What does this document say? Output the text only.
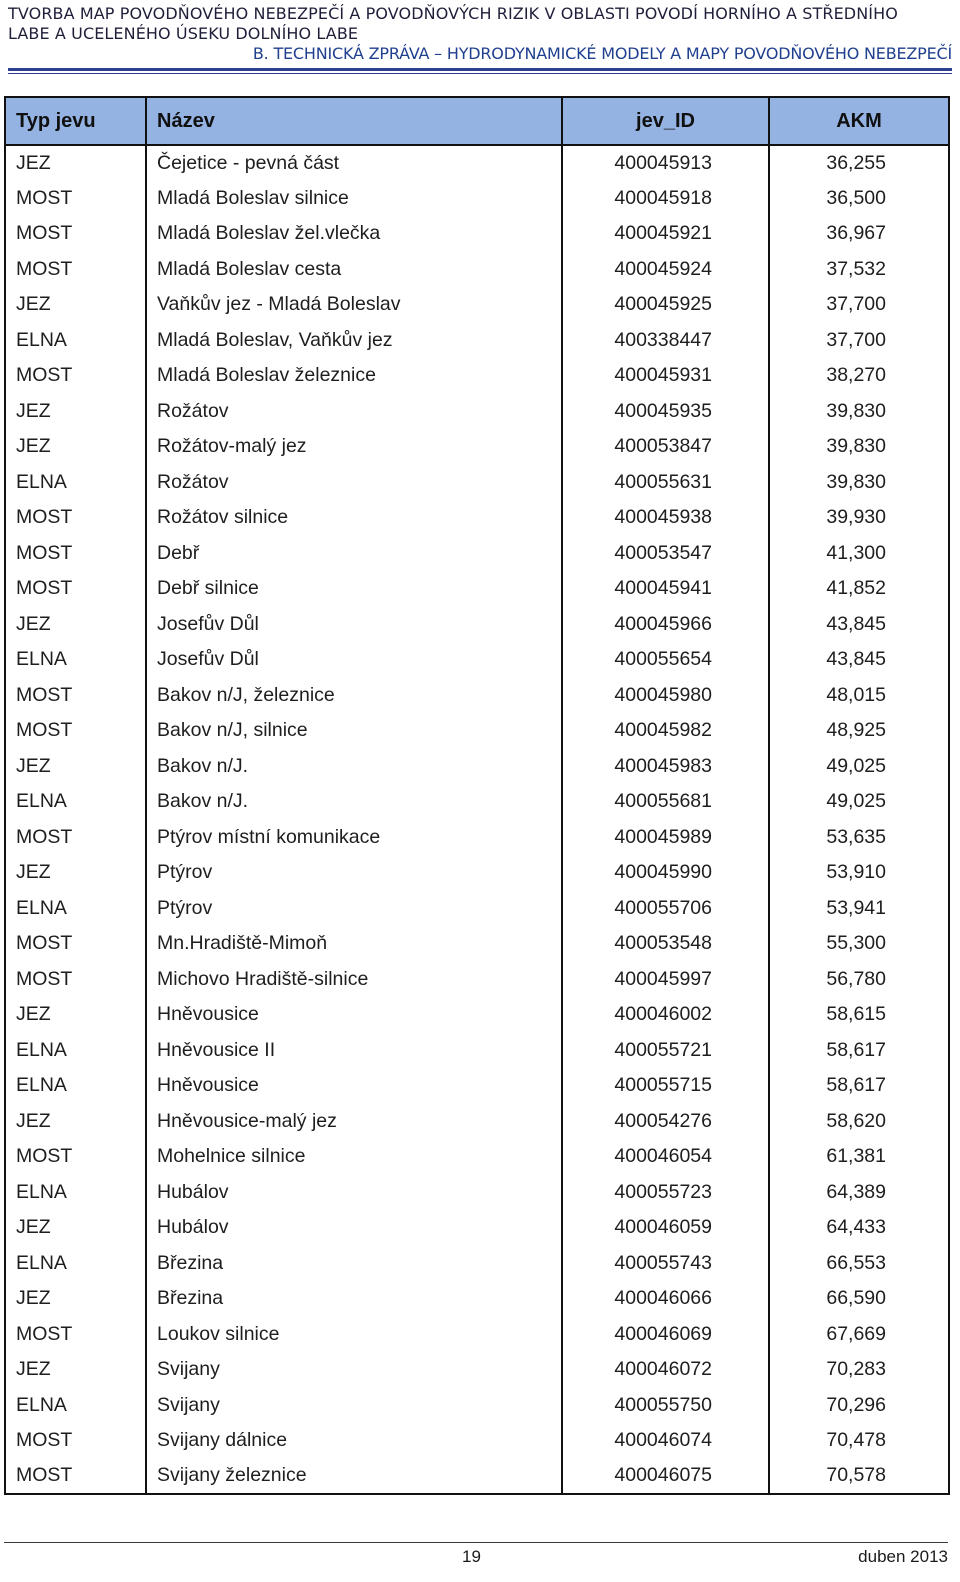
TVORBA MAP POVODŇOVÉHO NEBEZPEČÍ A POVODŇOVÝCH RIZIK V OBLASTI POVODÍ HORNÍHO A STŘEDNÍHO
LABE A UCELENÉHO ÚSEKU DOLNÍHO LABE
B. TECHNICKÁ ZPRÁVA – HYDRODYNAMICKÉ MODELY A MAPY POVODŇOVÉHO NEBEZPEČÍ
Typ jevu	Název	jev_ID	AKM
JEZ	Čejetice - pevná část	400045913	36,255
MOST	Mladá Boleslav silnice	400045918	36,500
MOST	Mladá Boleslav žel.vlečka	400045921	36,967
MOST	Mladá Boleslav cesta	400045924	37,532
JEZ	Vaňkův jez - Mladá Boleslav	400045925	37,700
ELNA	Mladá Boleslav, Vaňkův jez	400338447	37,700
MOST	Mladá Boleslav železnice	400045931	38,270
JEZ	Rožátov	400045935	39,830
JEZ	Rožátov-malý jez	400053847	39,830
ELNA	Rožátov	400055631	39,830
MOST	Rožátov silnice	400045938	39,930
MOST	Debř	400053547	41,300
MOST	Debř silnice	400045941	41,852
JEZ	Josefův Důl	400045966	43,845
ELNA	Josefův Důl	400055654	43,845
MOST	Bakov n/J, železnice	400045980	48,015
MOST	Bakov n/J, silnice	400045982	48,925
JEZ	Bakov n/J.	400045983	49,025
ELNA	Bakov n/J.	400055681	49,025
MOST	Ptýrov místní komunikace	400045989	53,635
JEZ	Ptýrov	400045990	53,910
ELNA	Ptýrov	400055706	53,941
MOST	Mn.Hradiště-Mimoň	400053548	55,300
MOST	Michovo Hradiště-silnice	400045997	56,780
JEZ	Hněvousice	400046002	58,615
ELNA	Hněvousice II	400055721	58,617
ELNA	Hněvousice	400055715	58,617
JEZ	Hněvousice-malý jez	400054276	58,620
MOST	Mohelnice silnice	400046054	61,381
ELNA	Hubálov	400055723	64,389
JEZ	Hubálov	400046059	64,433
ELNA	Březina	400055743	66,553
JEZ	Březina	400046066	66,590
MOST	Loukov silnice	400046069	67,669
JEZ	Svijany	400046072	70,283
ELNA	Svijany	400055750	70,296
MOST	Svijany dálnice	400046074	70,478
MOST	Svijany železnice	400046075	70,578
19	duben 2013
